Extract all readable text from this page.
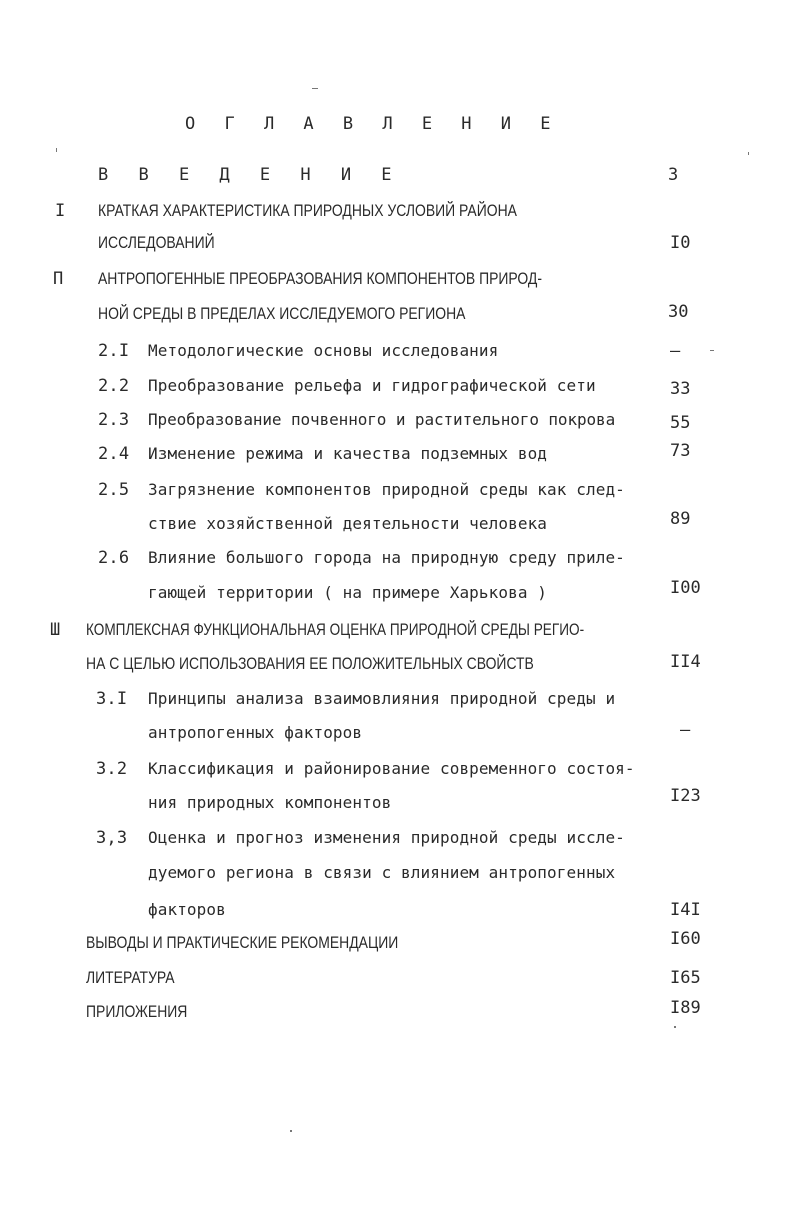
О Г Л А В Л Е Н И Е
В В Е Д Е Н И Е	3
I КРАТКАЯ ХАРАКТЕРИСТИКА ПРИРОДНЫХ УСЛОВИЙ РАЙОНА
ИССЛЕДОВАНИЙ	I0
П АНТРОПОГЕННЫЕ ПРЕОБРАЗОВАНИЯ КОМПОНЕНТОВ ПРИРОД-
НОЙ СРЕДЫ В ПРЕДЕЛАХ ИССЛЕДУЕМОГО РЕГИОНА	30
2.I Методологические основы исследования	–
2.2 Преобразование рельефа и гидрографической сети	33
2.3 Преобразование почвенного и растительного покрова	55
2.4 Изменение режима и качества подземных вод	73
2.5 Загрязнение компонентов природной среды как след-
ствие хозяйственной деятельности человека	89
2.6 Влияние большого города на природную среду приле-
гающей территории ( на примере Харькова )	I00
Ш КОМПЛЕКСНАЯ ФУНКЦИОНАЛЬНАЯ ОЦЕНКА ПРИРОДНОЙ СРЕДЫ РЕГИО-
НА С ЦЕЛЬЮ ИСПОЛЬЗОВАНИЯ ЕЕ ПОЛОЖИТЕЛЬНЫХ СВОЙСТВ	II4
3.I Принципы анализа взаимовлияния природной среды и
антропогенных факторов	–
3.2 Классификация и районирование современного состоя-
ния природных компонентов	I23
3,3 Оценка и прогноз изменения природной среды иссле-
дуемого региона в связи с влиянием антропогенных
факторов	I4I
ВЫВОДЫ И ПРАКТИЧЕСКИЕ РЕКОМЕНДАЦИИ	I60
ЛИТЕРАТУРА	I65
ПРИЛОЖЕНИЯ	I89
